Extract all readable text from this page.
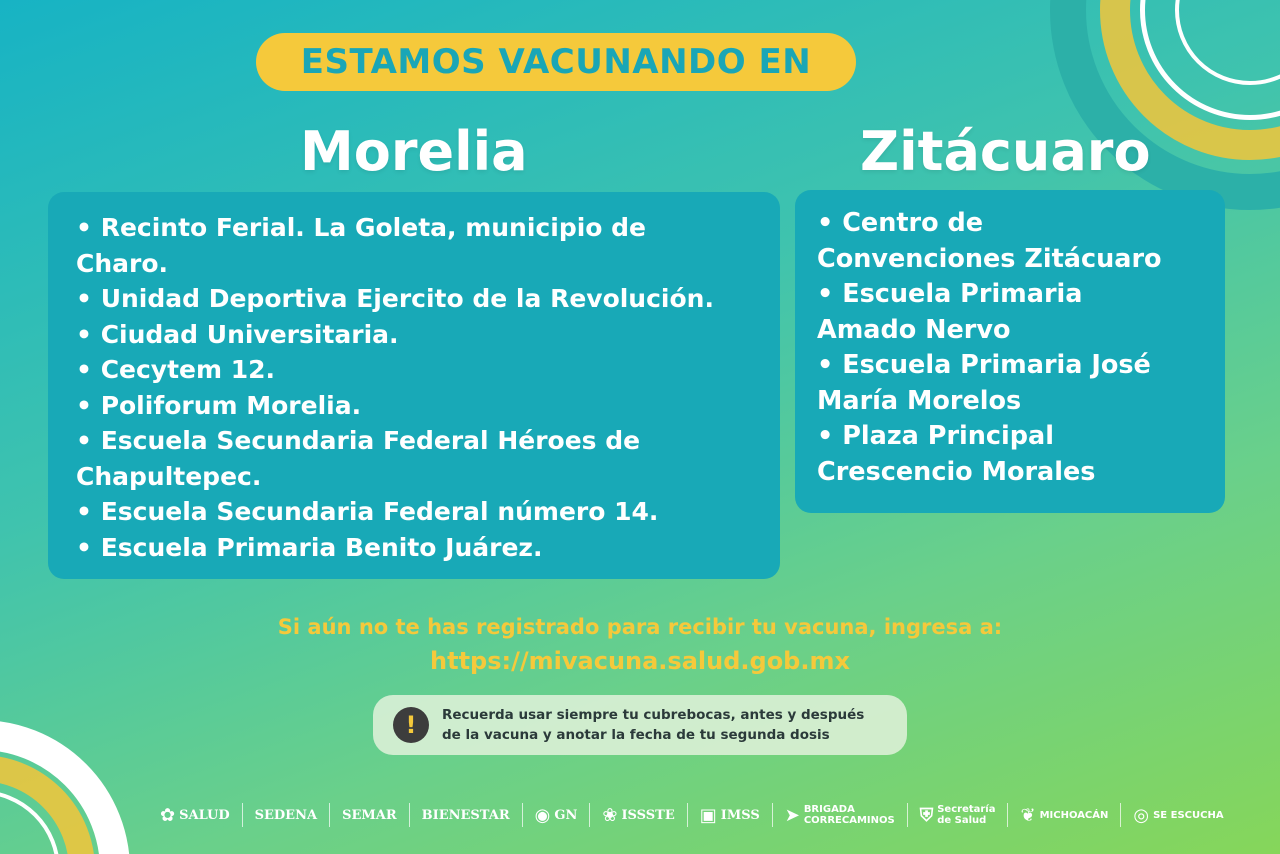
ESTAMOS VACUNANDO EN
Morelia	Zitácuaro
• Recinto Ferial. La Goleta, municipio de
Charo.
• Unidad Deportiva Ejercito de la Revolución.
• Ciudad Universitaria.
• Cecytem 12.
• Poliforum Morelia.
• Escuela Secundaria Federal Héroes de
Chapultepec.
• Escuela Secundaria Federal número 14.
• Escuela Primaria Benito Juárez.
• Centro de
Convenciones Zitácuaro
• Escuela Primaria
Amado Nervo
• Escuela Primaria José
María Morelos
• Plaza Principal
Crescencio Morales
Si aún no te has registrado para recibir tu vacuna, ingresa a:
https://mivacuna.salud.gob.mx
!	Recuerda usar siempre tu cubrebocas, antes y después
de la vacuna y anotar la fecha de tu segunda dosis
✿ SALUD SEDENA SEMAR BIENESTAR ◉ GN ❀ ISSSTE ▣ IMSS ➤ BRIGADA
CORRECAMINOS ⛨ Secretaría
de Salud	❦ MICHOACÁN ◎ SE ESCUCHA
